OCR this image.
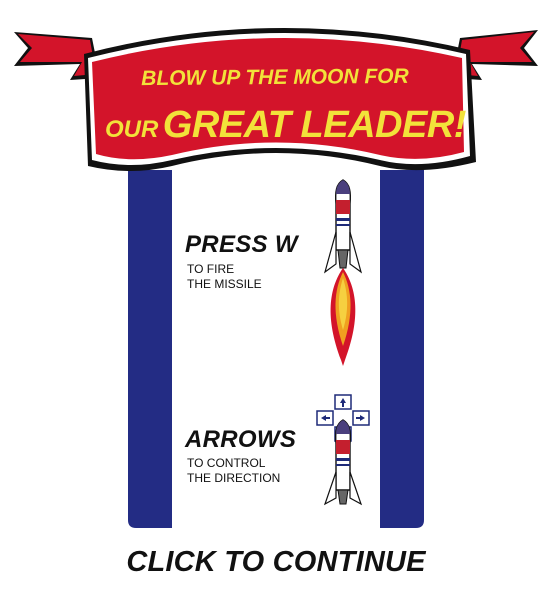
BLOW UP THE MOON FOR
OUR GREAT LEADER!
PRESS W
TO FIRE
THE MISSILE
ARROWS
TO CONTROL
THE DIRECTION
CLICK TO CONTINUE
